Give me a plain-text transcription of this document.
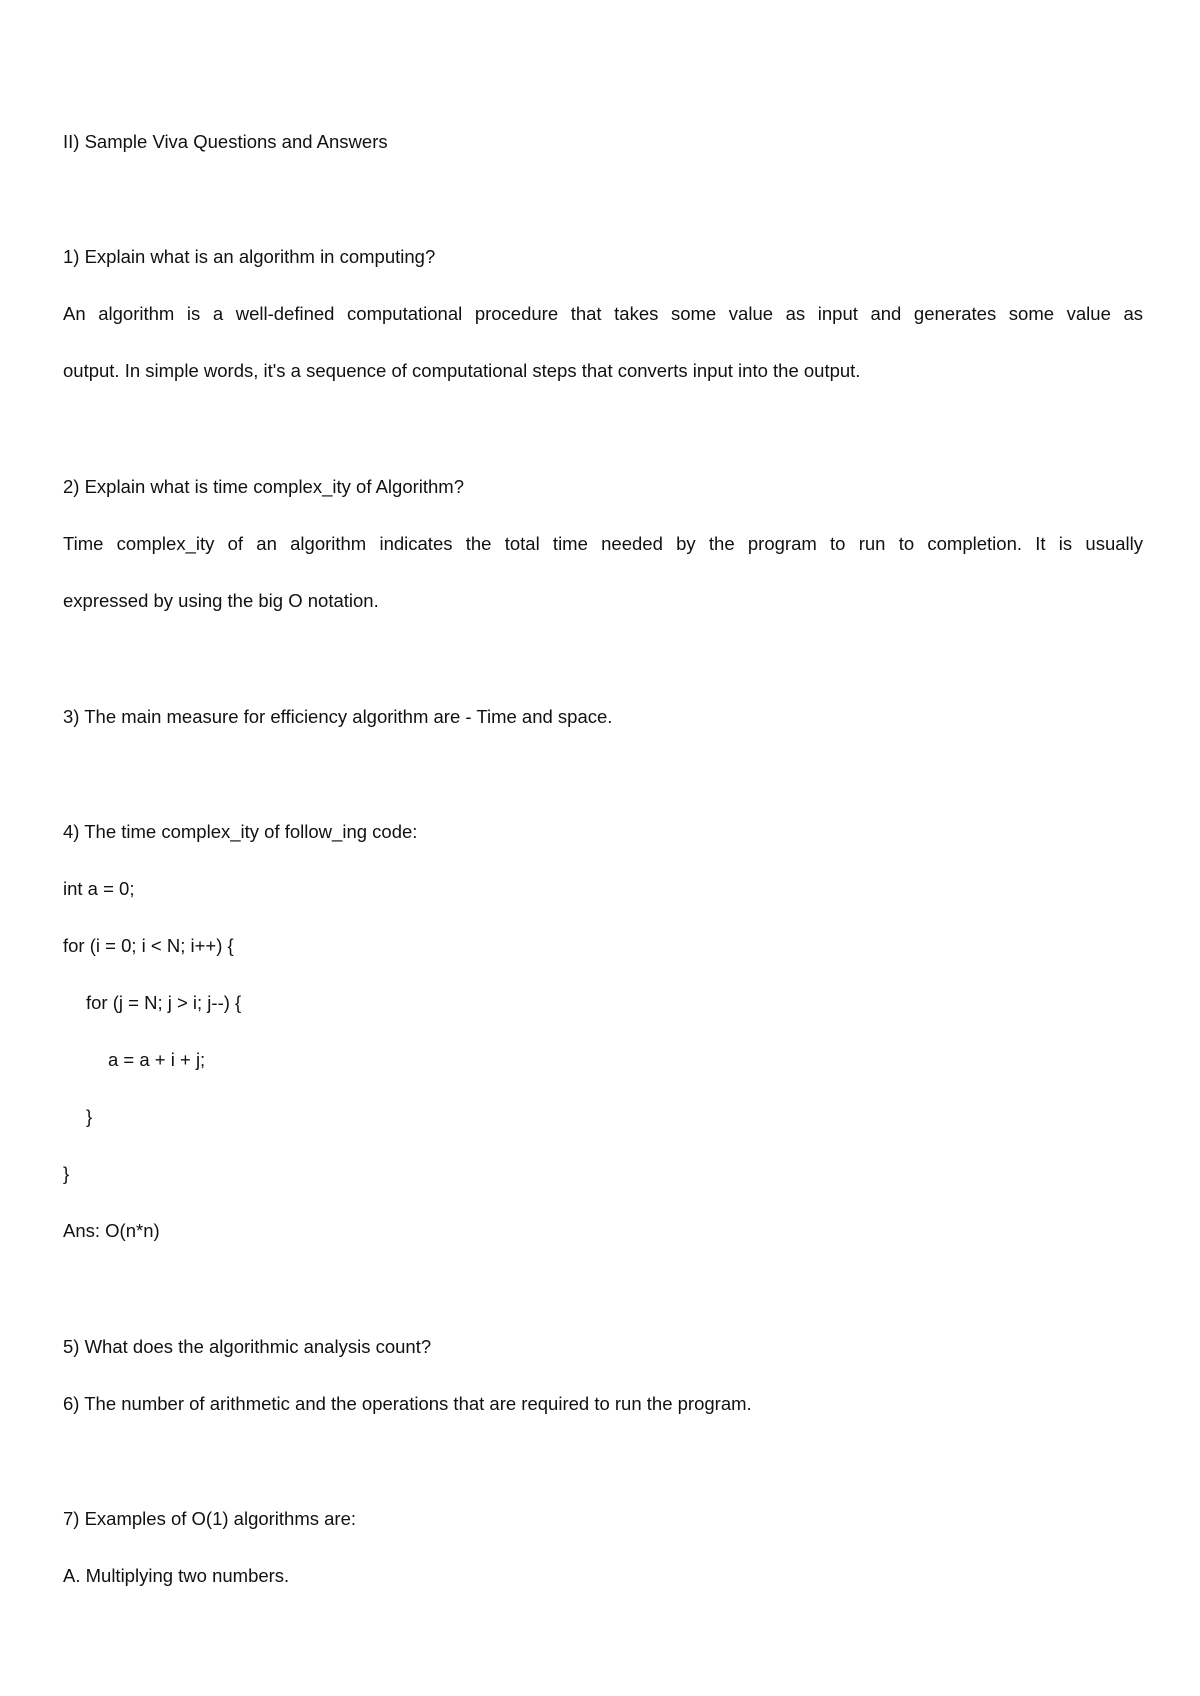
II) Sample Viva Questions and Answers
1) Explain what is an algorithm in computing?
An algorithm is a well-defined computational procedure that takes some value as input and generates some value as
output. In simple words, it's a sequence of computational steps that converts input into the output.
2) Explain what is time complex_ity of Algorithm?
Time complex_ity of an algorithm indicates the total time needed by the program to run to completion. It is usually
expressed by using the big O notation.
3) The main measure for efficiency algorithm are - Time and space.
4) The time complex_ity of follow_ing code:
int a = 0;
for (i = 0; i < N; i++) {
for (j = N; j > i; j--) {
a = a + i + j;
}
}
Ans: O(n*n)
5) What does the algorithmic analysis count?
6) The number of arithmetic and the operations that are required to run the program.
7) Examples of O(1) algorithms are:
A. Multiplying two numbers.
